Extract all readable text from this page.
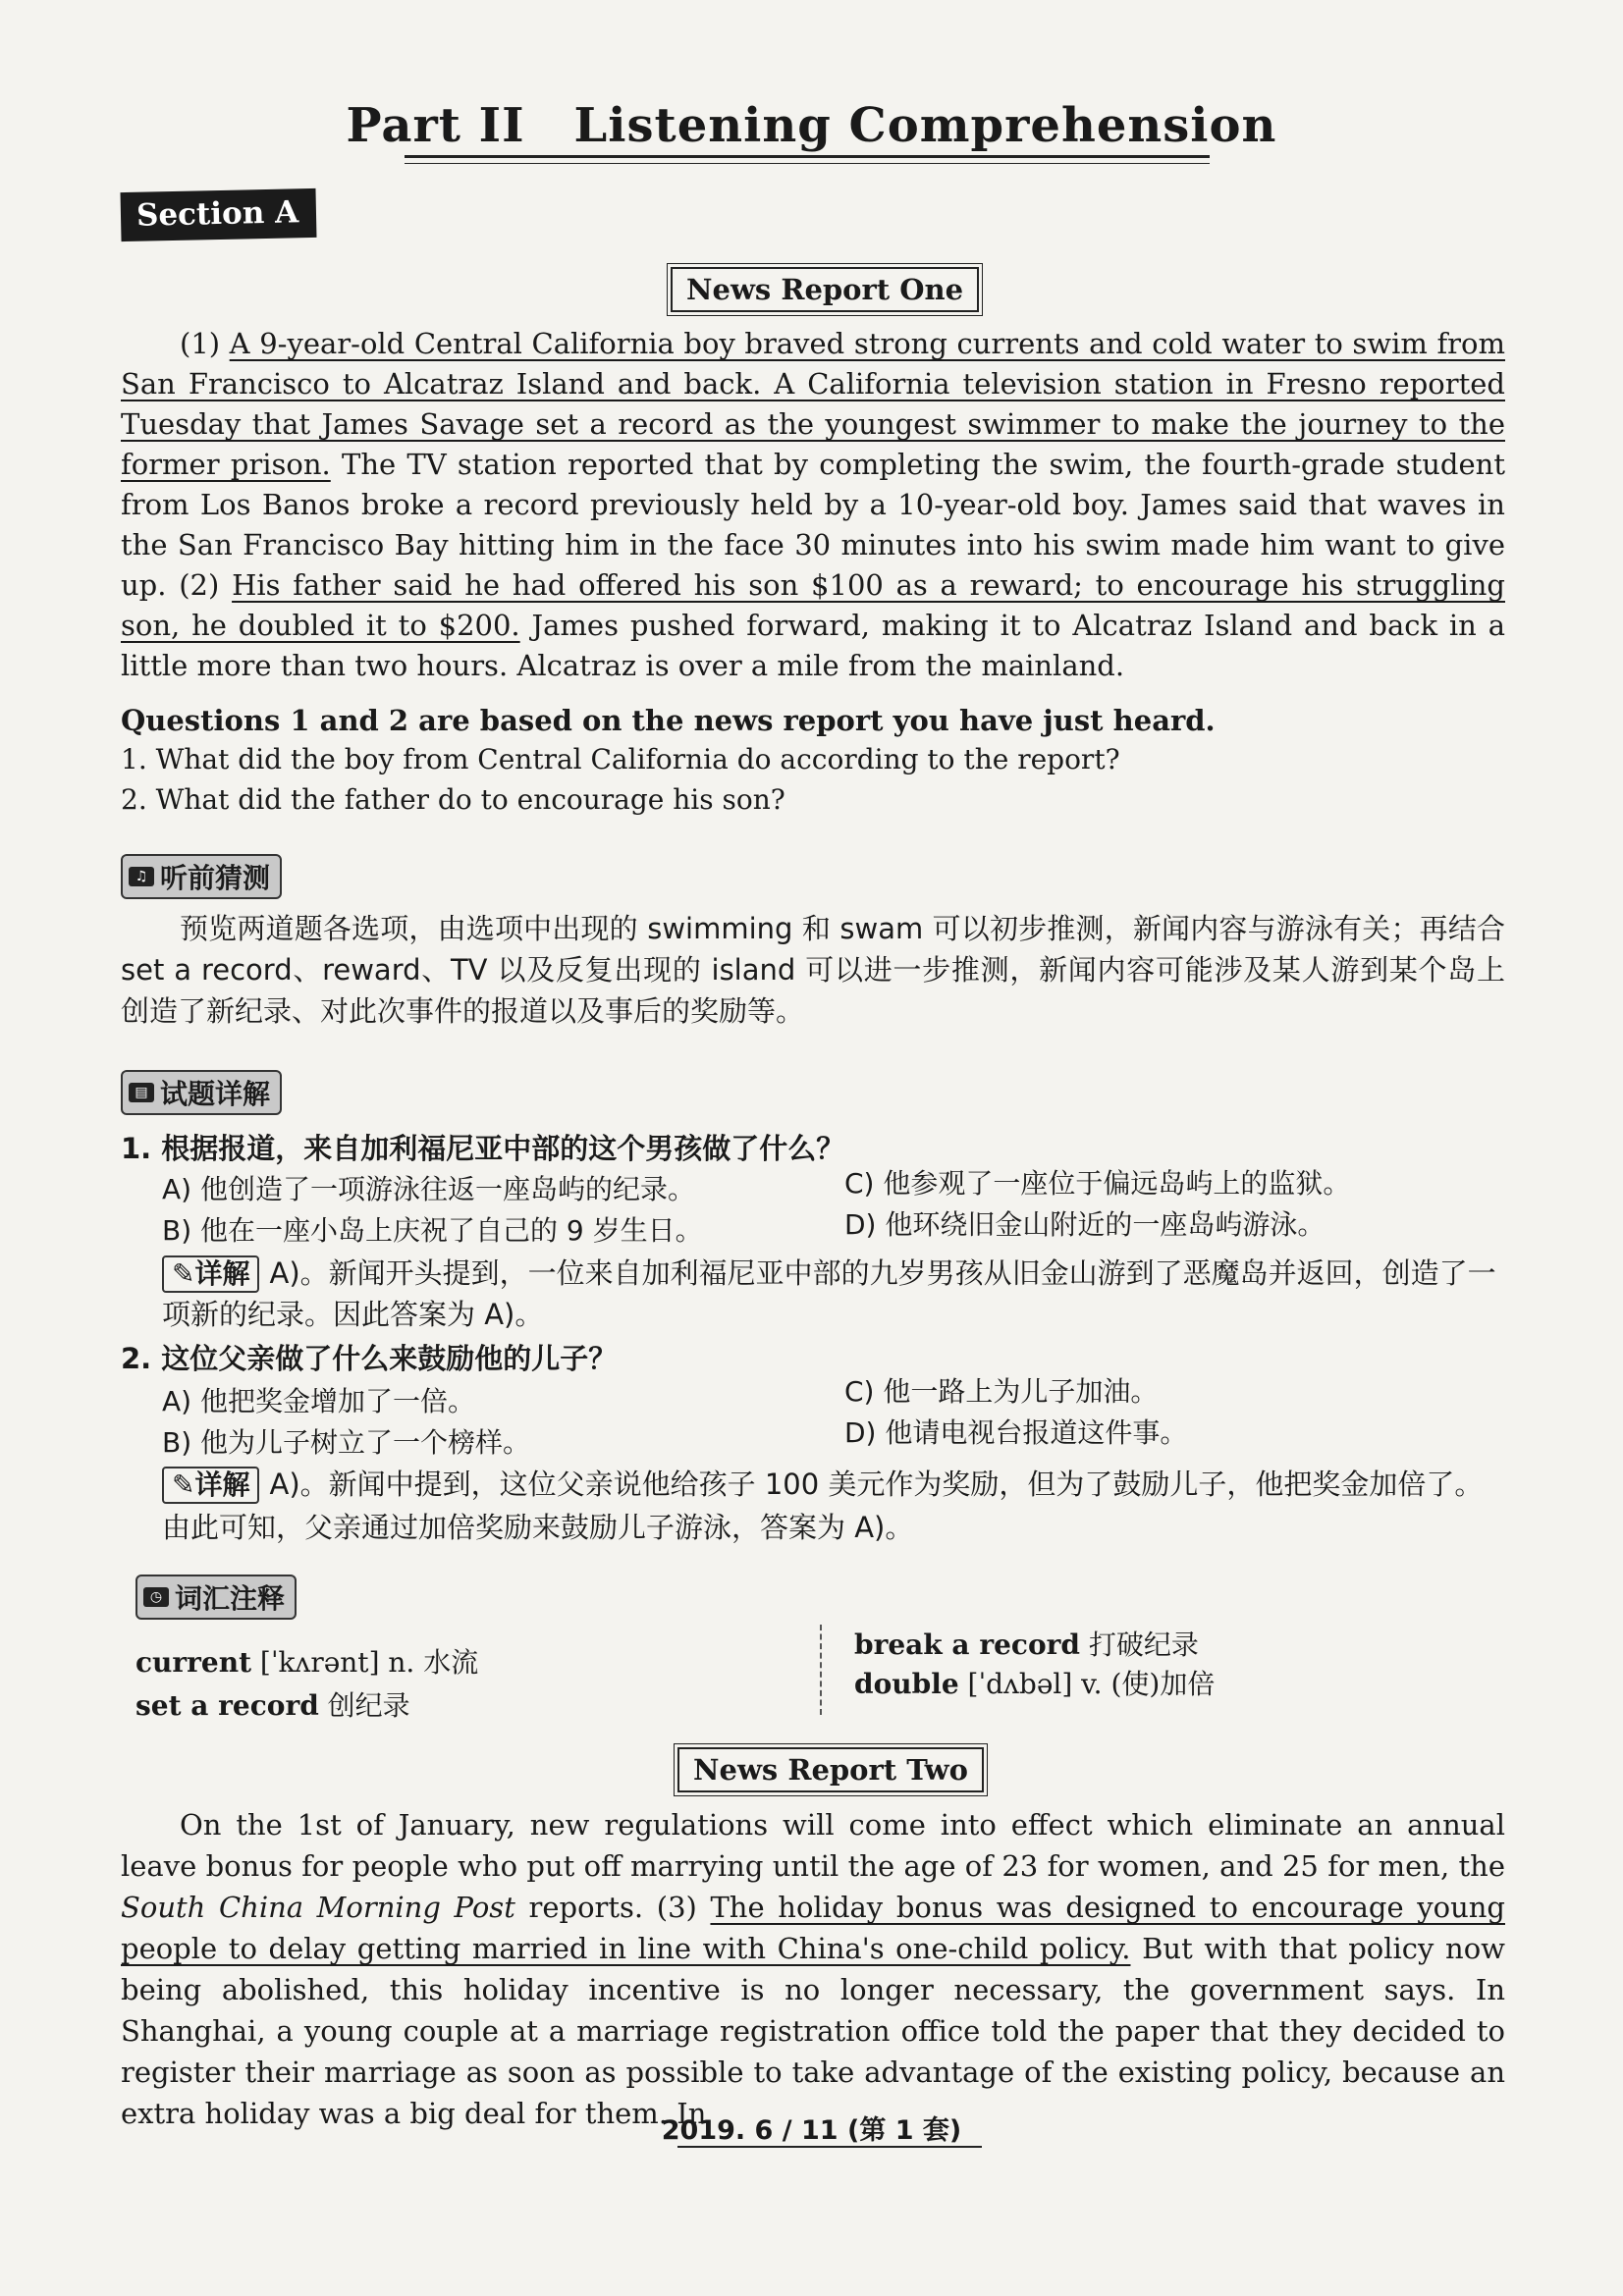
Part II Listening Comprehension
Section A
News Report One
(1) A 9-year-old Central California boy braved strong currents and cold water to swim from San Francisco to Alcatraz Island and back. A California television station in Fresno reported Tuesday that James Savage set a record as the youngest swimmer to make the journey to the former prison. The TV station reported that by completing the swim, the fourth-grade student from Los Banos broke a record previously held by a 10-year-old boy. James said that waves in the San Francisco Bay hitting him in the face 30 minutes into his swim made him want to give up. (2) His father said he had offered his son $100 as a reward; to encourage his struggling son, he doubled it to $200. James pushed forward, making it to Alcatraz Island and back in a little more than two hours. Alcatraz is over a mile from the mainland.
Questions 1 and 2 are based on the news report you have just heard.
1. What did the boy from Central California do according to the report?
2. What did the father do to encourage his son?
♫ 听前猜测
预览两道题各选项，由选项中出现的 swimming 和 swam 可以初步推测，新闻内容与游泳有关；再结合 set a record、reward、TV 以及反复出现的 island 可以进一步推测，新闻内容可能涉及某人游到某个岛上创造了新纪录、对此次事件的报道以及事后的奖励等。
▤ 试题详解
1. 根据报道，来自加利福尼亚中部的这个男孩做了什么？
A) 他创造了一项游泳往返一座岛屿的纪录。	C) 他参观了一座位于偏远岛屿上的监狱。
B) 他在一座小岛上庆祝了自己的 9 岁生日。	D) 他环绕旧金山附近的一座岛屿游泳。
✎详解 A)。新闻开头提到，一位来自加利福尼亚中部的九岁男孩从旧金山游到了恶魔岛并返回，创造了一项新的纪录。因此答案为 A)。
2. 这位父亲做了什么来鼓励他的儿子？
A) 他把奖金增加了一倍。	C) 他一路上为儿子加油。
B) 他为儿子树立了一个榜样。	D) 他请电视台报道这件事。
✎详解 A)。新闻中提到，这位父亲说他给孩子 100 美元作为奖励，但为了鼓励儿子，他把奖金加倍了。由此可知，父亲通过加倍奖励来鼓励儿子游泳，答案为 A)。
◷ 词汇注释
current [ˈkʌrənt] n. 水流
set a record 创纪录
break a record 打破纪录
double [ˈdʌbəl] v. (使)加倍
News Report Two
On the 1st of January, new regulations will come into effect which eliminate an annual leave bonus for people who put off marrying until the age of 23 for women, and 25 for men, the South China Morning Post reports. (3) The holiday bonus was designed to encourage young people to delay getting married in line with China's one-child policy. But with that policy now being abolished, this holiday incentive is no longer necessary, the government says. In Shanghai, a young couple at a marriage registration office told the paper that they decided to register their marriage as soon as possible to take advantage of the existing policy, because an extra holiday was a big deal for them. In
2019. 6 / 11 (第 1 套)
